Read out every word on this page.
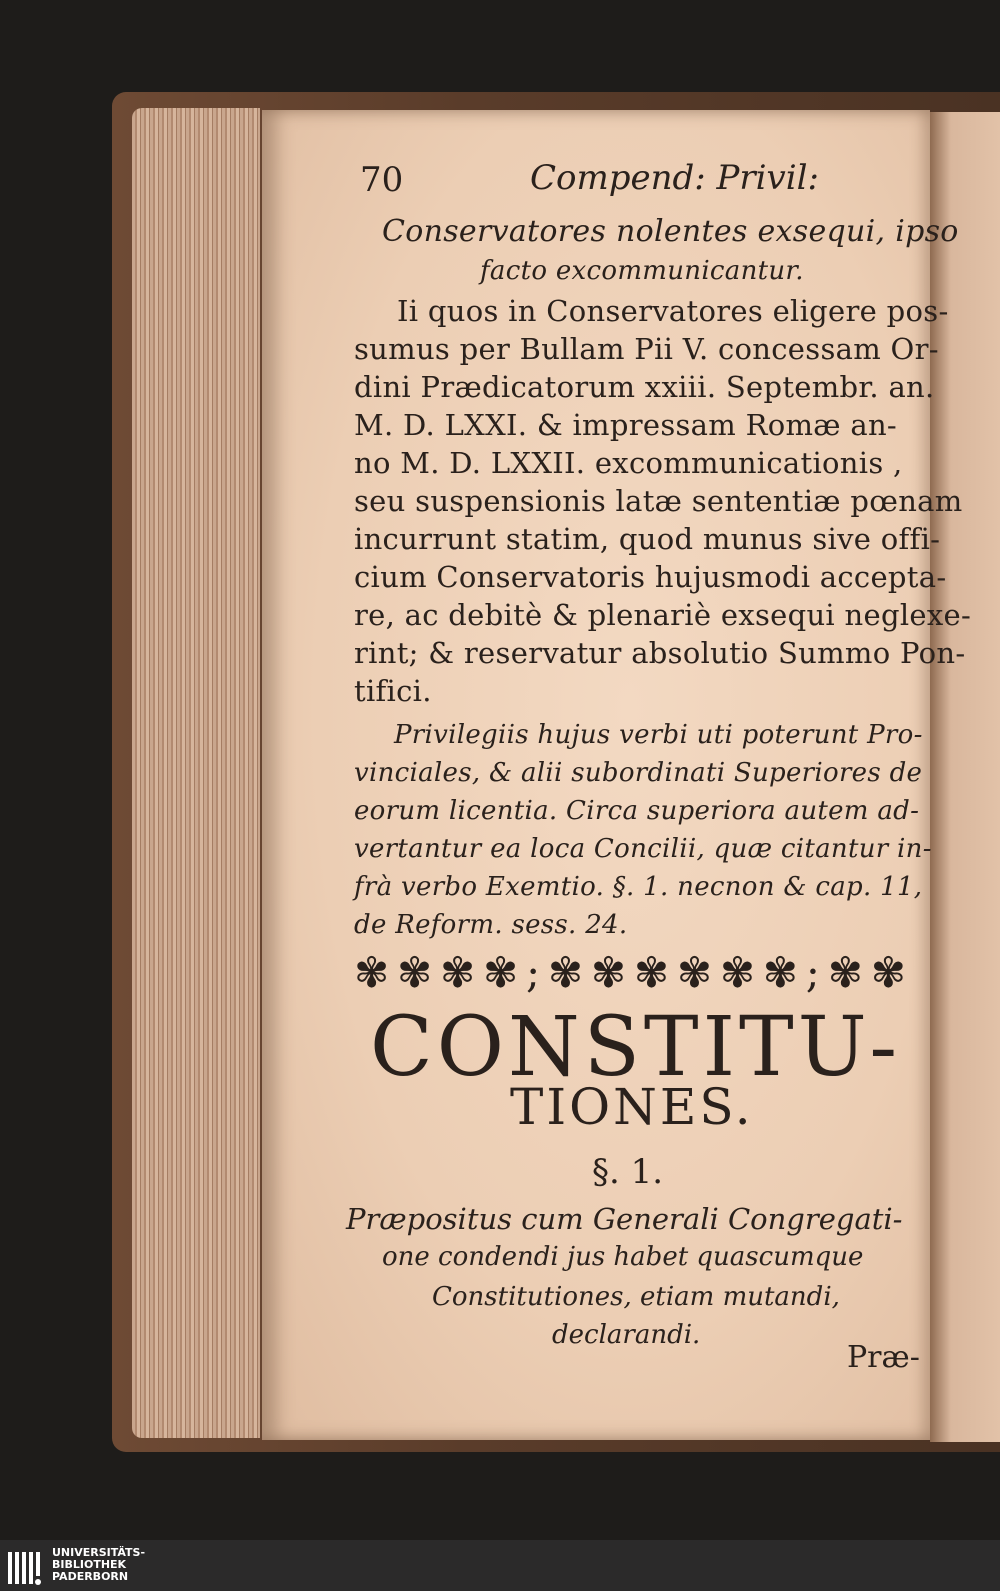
70	Compend: Privil:
Conservatores nolentes exsequi, ipso
facto excommunicantur.
Ii quos in Conservatores eligere pos-
sumus per Bullam Pii V. concessam Or-
dini Prædicatorum xxiii. Septembr. an.
M. D. LXXI. & impressam Romæ an-
no M. D. LXXII. excommunicationis ,
seu suspensionis latæ sententiæ pœnam
incurrunt statim, quod munus sive offi-
cium Conservatoris hujusmodi accepta-
re, ac debitè & plenariè exsequi neglexe-
rint; & reservatur absolutio Summo Pon-
tifici.
Privilegiis hujus verbi uti poterunt Pro-
vinciales, & alii subordinati Superiores de
eorum licentia. Circa superiora autem ad-
vertantur ea loca Concilii, quæ citantur in-
frà verbo Exemtio. §. 1. necnon & cap. 11,
de Reform. sess. 24.
✾ ✾ ✾ ✾ ; ✾ ✾ ✾ ✾ ✾ ✾ ; ✾ ✾
CONSTITU-
TIONES.
§. 1.
Præpositus cum Generali Congregati-
one condendi jus habet quascumque
Constitutiones, etiam mutandi,
declarandi.
Præ-
UNIVERSITÄTS-
BIBLIOTHEK
PADERBORN
